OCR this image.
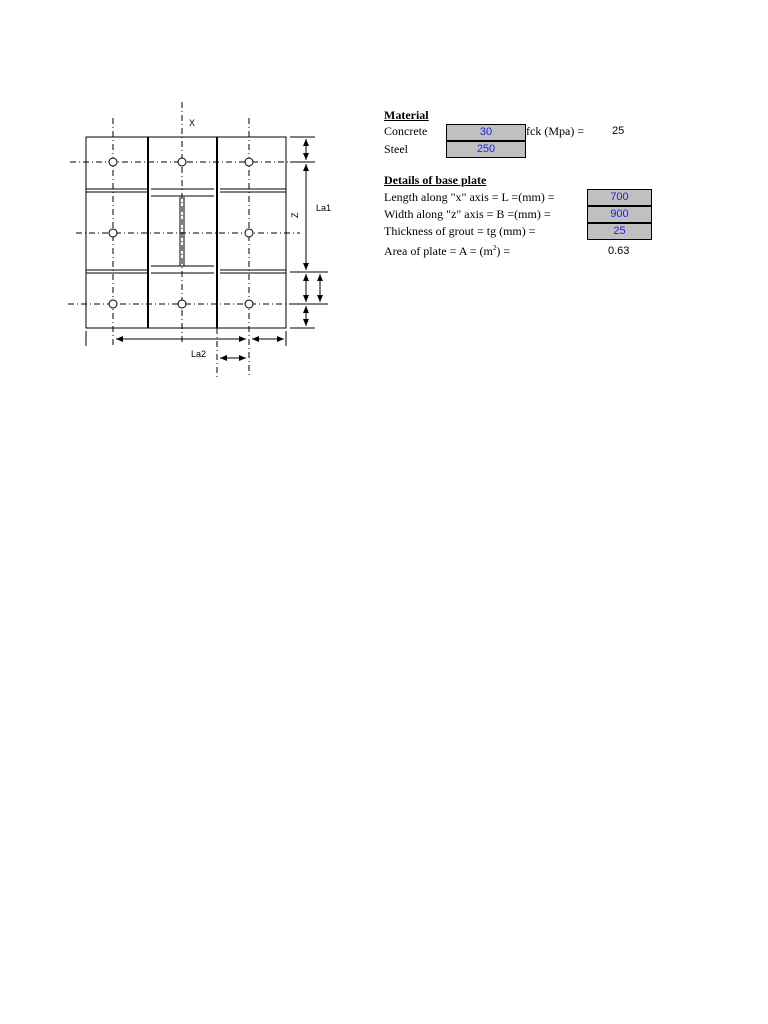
X
Z
La1
La2
Material
Concrete	30	fck (Mpa) =	25
Steel	250
Details of base plate
Length along "x" axis = L =(mm) =	700
Width along "z" axis = B =(mm) =	900
Thickness of grout = tg (mm) =	25
Area of plate = $A = (m^2)$ =	0.63
